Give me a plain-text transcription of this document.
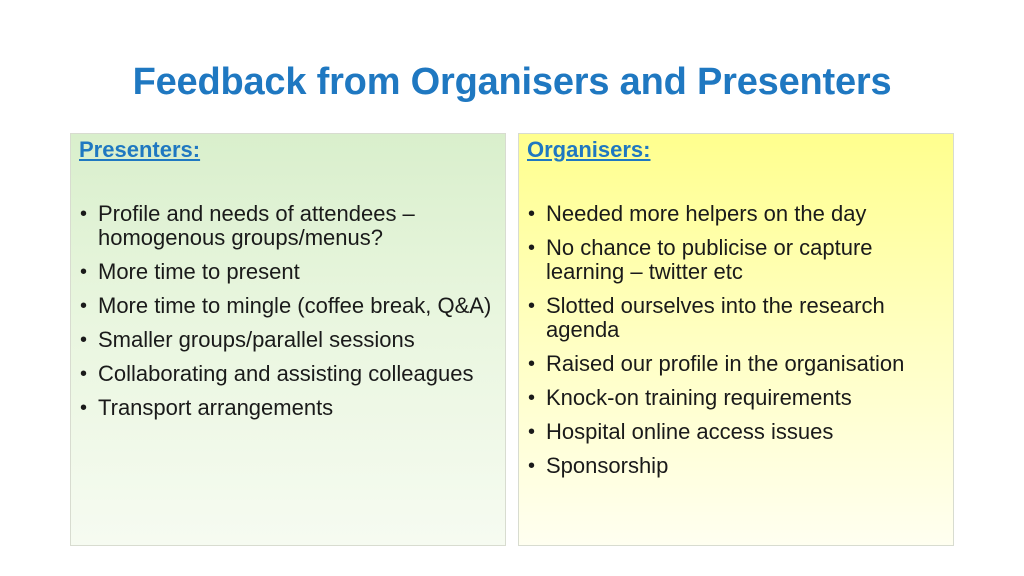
Feedback from Organisers and Presenters
Presenters:
• Profile and needs of attendees – homogenous groups/menus?
• More time to present
• More time to mingle (coffee break, Q&A)
• Smaller groups/parallel sessions
• Collaborating and assisting colleagues
• Transport arrangements
Organisers:
• Needed more helpers on the day
• No chance to publicise or capture learning – twitter etc
• Slotted ourselves into the research agenda
• Raised our profile in the organisation
• Knock-on training requirements
• Hospital online access issues
• Sponsorship
